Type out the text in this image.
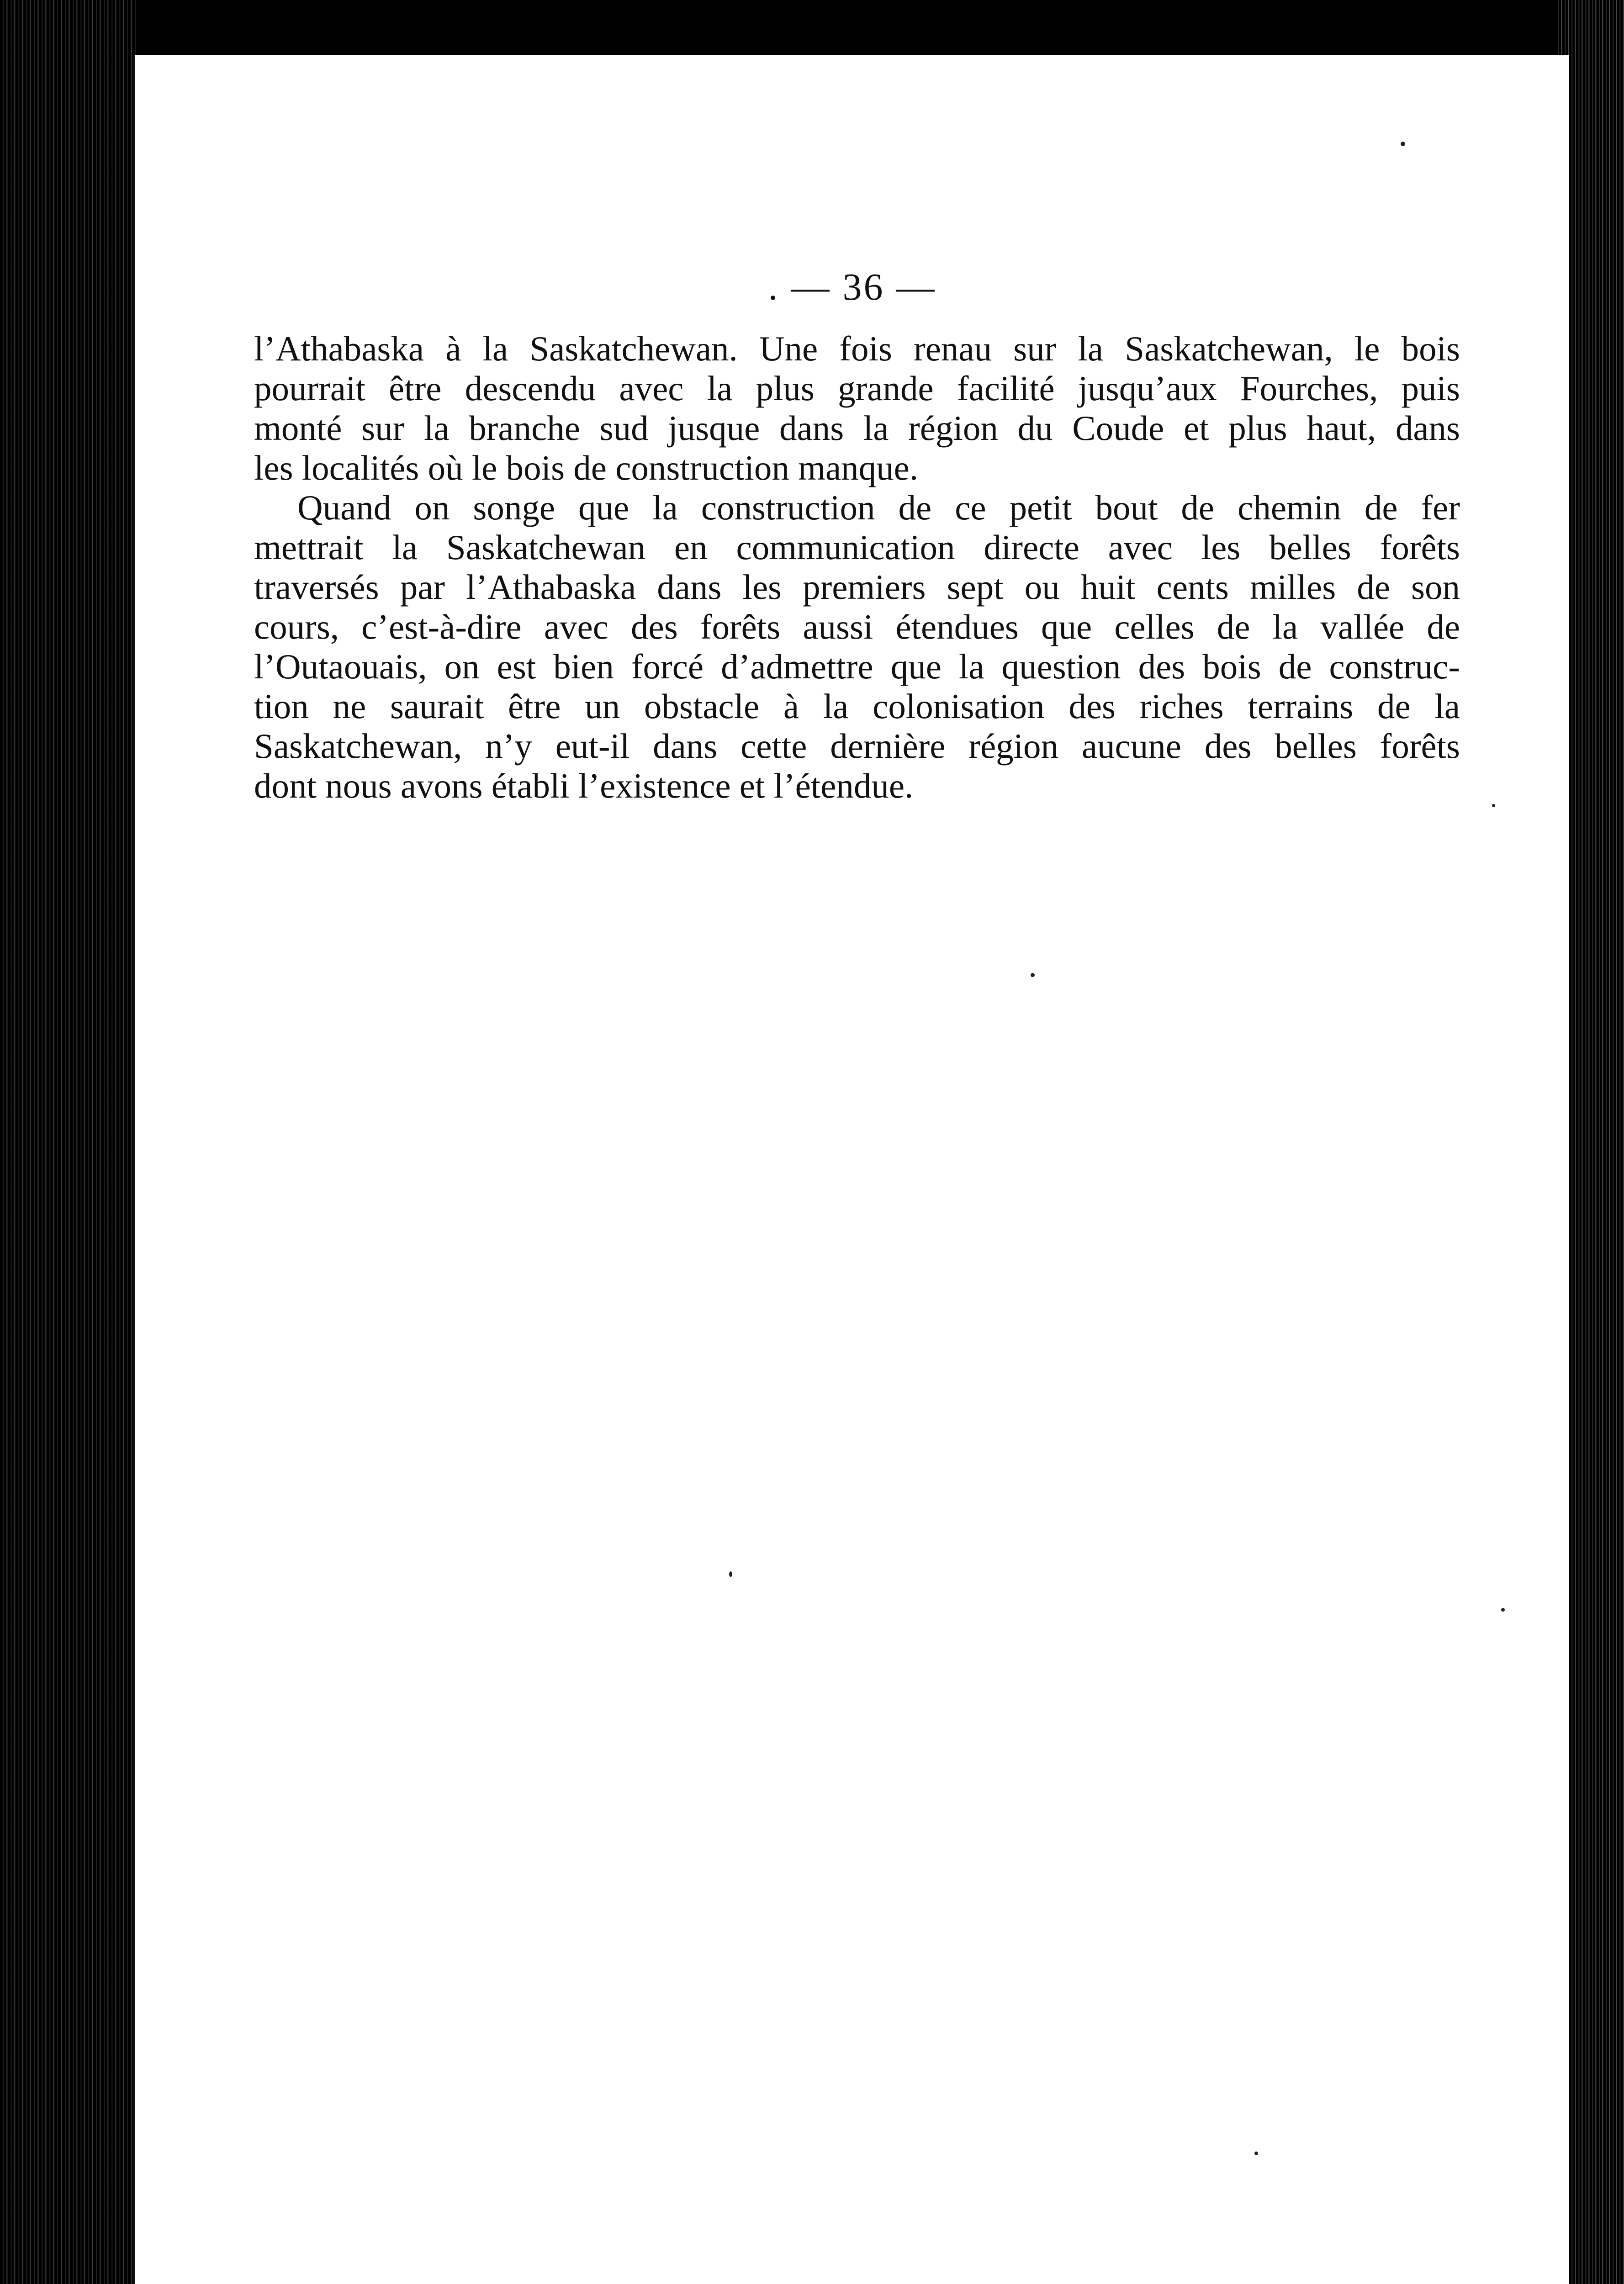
. — 36 —
l’Athabaska à la Saskatchewan. Une fois renau sur la Saskatchewan, le bois
pourrait être descendu avec la plus grande facilité jusqu’aux Fourches, puis
monté sur la branche sud jusque dans la région du Coude et plus haut, dans
les localités où le bois de construction manque.
Quand on songe que la construction de ce petit bout de chemin de fer
mettrait la Saskatchewan en communication directe avec les belles forêts
traversés par l’Athabaska dans les premiers sept ou huit cents milles de son
cours, c’est-à-dire avec des forêts aussi étendues que celles de la vallée de
l’Outaouais, on est bien forcé d’admettre que la question des bois de construc-
tion ne saurait être un obstacle à la colonisation des riches terrains de la
Saskatchewan, n’y eut-il dans cette dernière région aucune des belles forêts
dont nous avons établi l’existence et l’étendue.
